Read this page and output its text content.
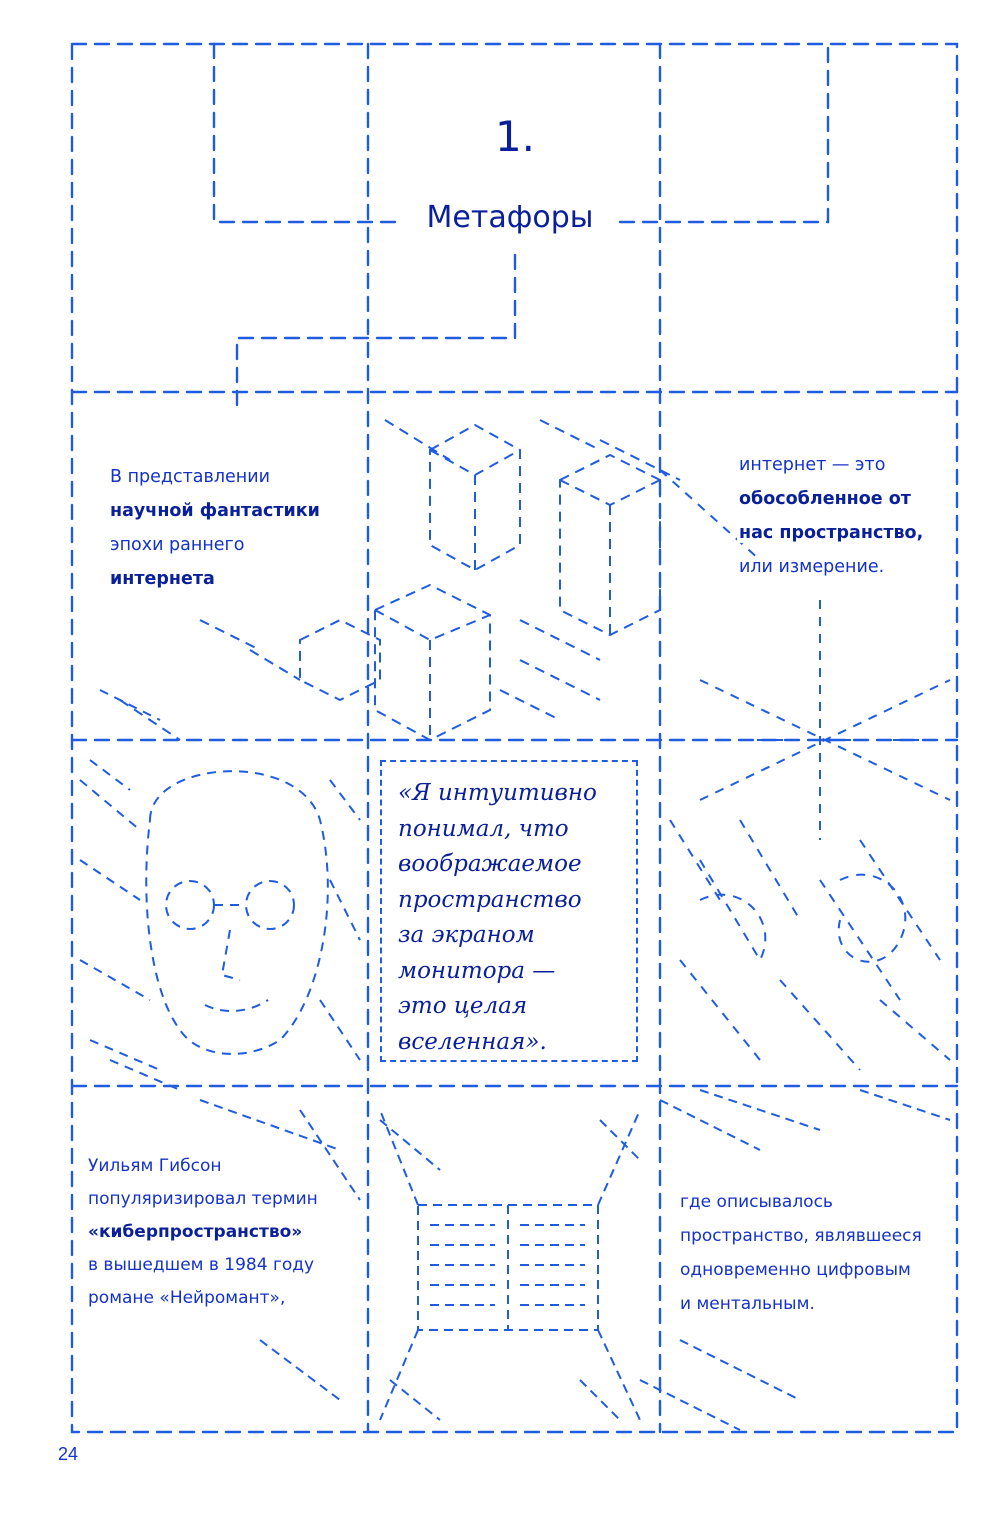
1.
Метафоры
В представлении
научной фантастики
эпохи раннего
интернета
интернет — это
обособленное от
нас пространство,
или измерение.

«Я интуитивно

понимал, что

воображаемое

пространство

за экраном

монитора —

это целая

вселенная».

Уильям Гибсон
популяризировал термин
«киберпространство»
в вышедшем в 1984 году
романе «Нейромант»,
где описывалось
пространство, являвшееся
одновременно цифровым
и ментальным.
24
